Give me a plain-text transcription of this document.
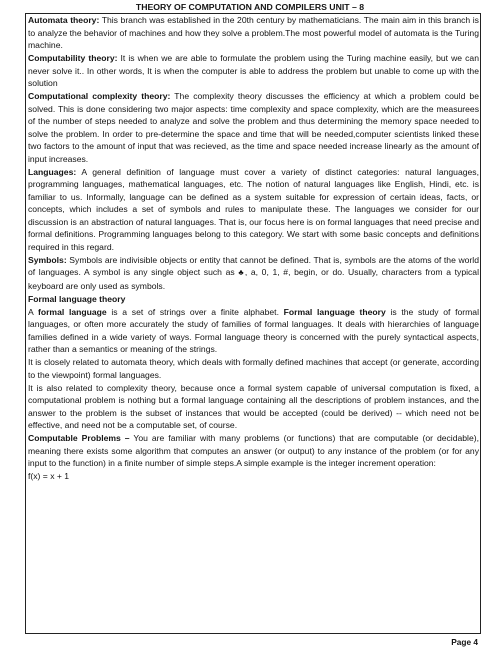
THEORY OF COMPUTATION AND COMPILERS UNIT – 8

Automata theory: This branch was established in the 20th century by mathematicians. The main aim in this branch is to analyze the behavior of machines and how they solve a problem.The most powerful model of automata is the Turing machine.

Computability theory: It is when we are able to formulate the problem using the Turing machine easily, but we can never solve it.. In other words, It is when the computer is able to address the problem but unable to come up with the solution

Computational complexity theory: The complexity theory discusses the efficiency at which a problem could be solved. This is done considering two major aspects: time complexity and space complexity, which are the measurees of the number of steps needed to analyze and solve the problem and thus determining the memory space needed to solve the problem. In order to pre-determine the space and time that will be needed,computer scientists linked these two factors to the amount of input that was recieved, as the time and space needed increase linearly as the amount of input increases.

Languages: A general definition of language must cover a variety of distinct categories: natural languages, programming languages, mathematical languages, etc. The notion of natural languages like English, Hindi, etc. is familiar to us. Informally, language can be defined as a system suitable for expression of certain ideas, facts, or concepts, which includes a set of symbols and rules to manipulate these. The languages we consider for our discussion is an abstraction of natural languages. That is, our focus here is on formal languages that need precise and formal definitions. Programming languages belong to this category. We start with some basic concepts and definitions required in this regard.

Symbols: Symbols are indivisible objects or entity that cannot be defined. That is, symbols are the atoms of the world of languages. A symbol is any single object such as ♣, a, 0, 1, #, begin, or do. Usually, characters from a typical keyboard are only used as symbols.

Formal language theory

A formal language is a set of strings over a finite alphabet. Formal language theory is the study of formal languages, or often more accurately the study of families of formal languages. It deals with hierarchies of language families defined in a wide variety of ways. Formal language theory is concerned with the purely syntactical aspects, rather than a semantics or meaning of the strings.

It is closely related to automata theory, which deals with formally defined machines that accept (or generate, according to the viewpoint) formal languages.

It is also related to complexity theory, because once a formal system capable of universal computation is fixed, a computational problem is nothing but a formal language containing all the descriptions of problem instances, and the answer to the problem is the subset of instances that would be accepted (could be derived) -- which need not be effective, and need not be a computable set, of course.

Computable Problems – You are familiar with many problems (or functions) that are computable (or decidable), meaning there exists some algorithm that computes an answer (or output) to any instance of the problem (or for any input to the function) in a finite number of simple steps.A simple example is the integer increment operation:

f(x) = x + 1

Page 4
